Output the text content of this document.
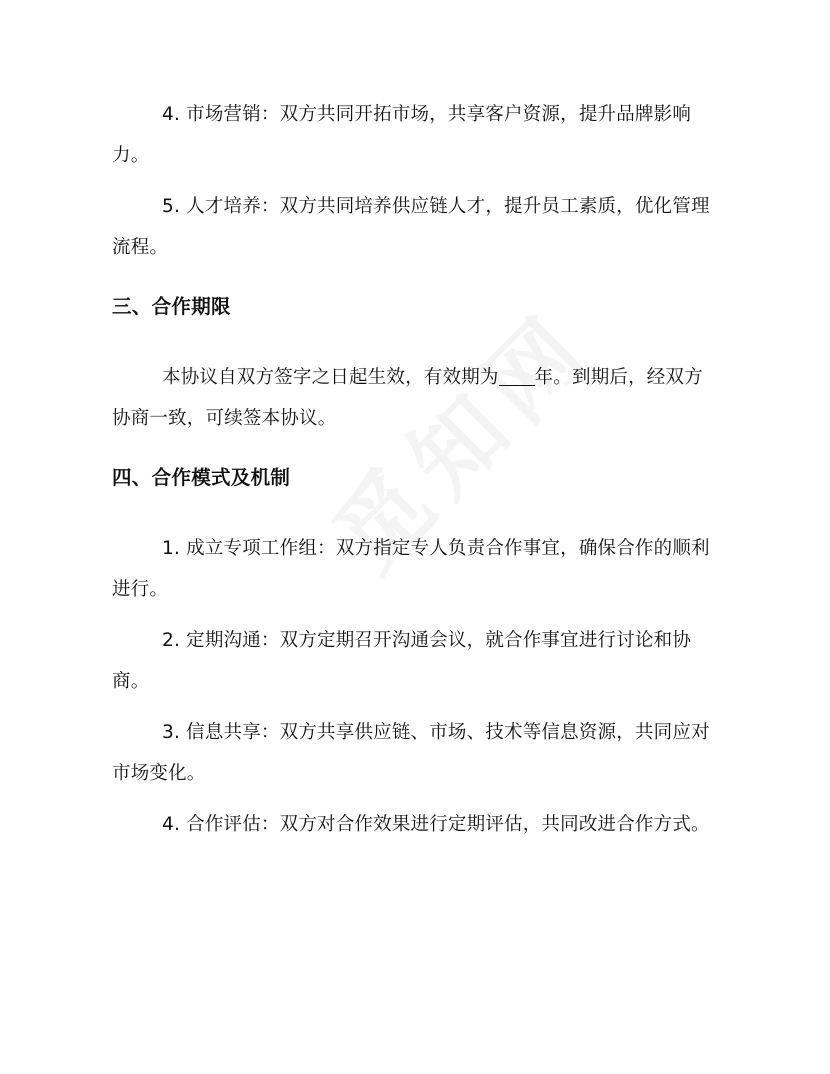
4. 市场营销：双方共同开拓市场，共享客户资源，提升品牌影响力。

5. 人才培养：双方共同培养供应链人才，提升员工素质，优化管理流程。

三、合作期限

本协议自双方签字之日起生效，有效期为 年。到期后，经双方协商一致，可续签本协议。

四、合作模式及机制

1. 成立专项工作组：双方指定专人负责合作事宜，确保合作的顺利进行。

2. 定期沟通：双方定期召开沟通会议，就合作事宜进行讨论和协商。

3. 信息共享：双方共享供应链、市场、技术等信息资源，共同应对市场变化。

4. 合作评估：双方对合作效果进行定期评估，共同改进合作方式。
